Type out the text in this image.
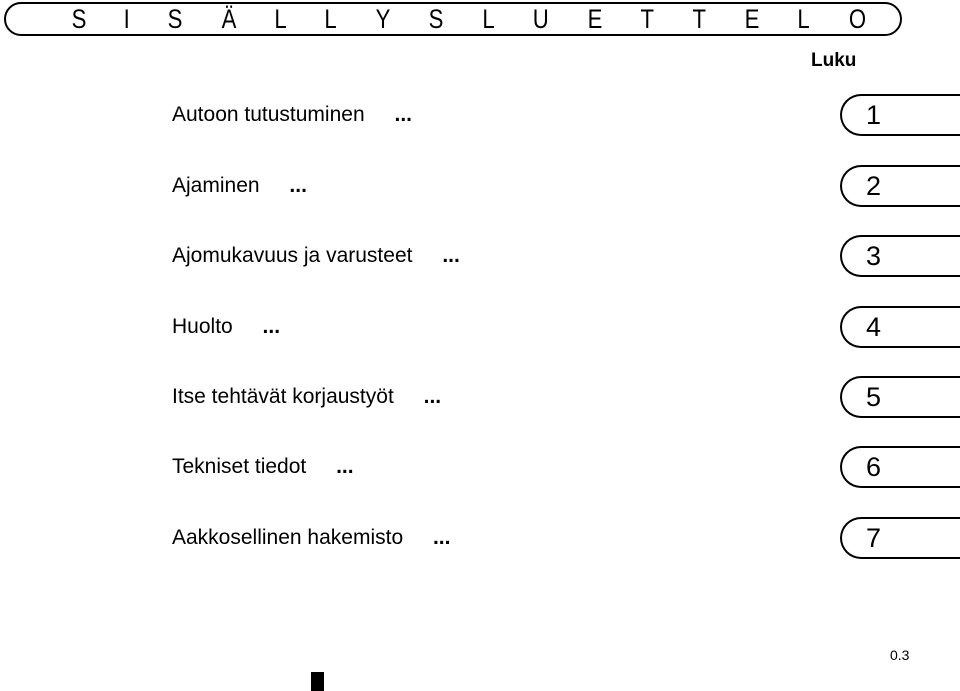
S I S Ä L L Y S L U E T T E L O
Luku
Autoon tutustuminen ...	1
Ajaminen ...	2
Ajomukavuus ja varusteet ...	3
Huolto ...	4
Itse tehtävät korjaustyöt ...	5
Tekniset tiedot ...	6
Aakkosellinen hakemisto ...	7
0.3
